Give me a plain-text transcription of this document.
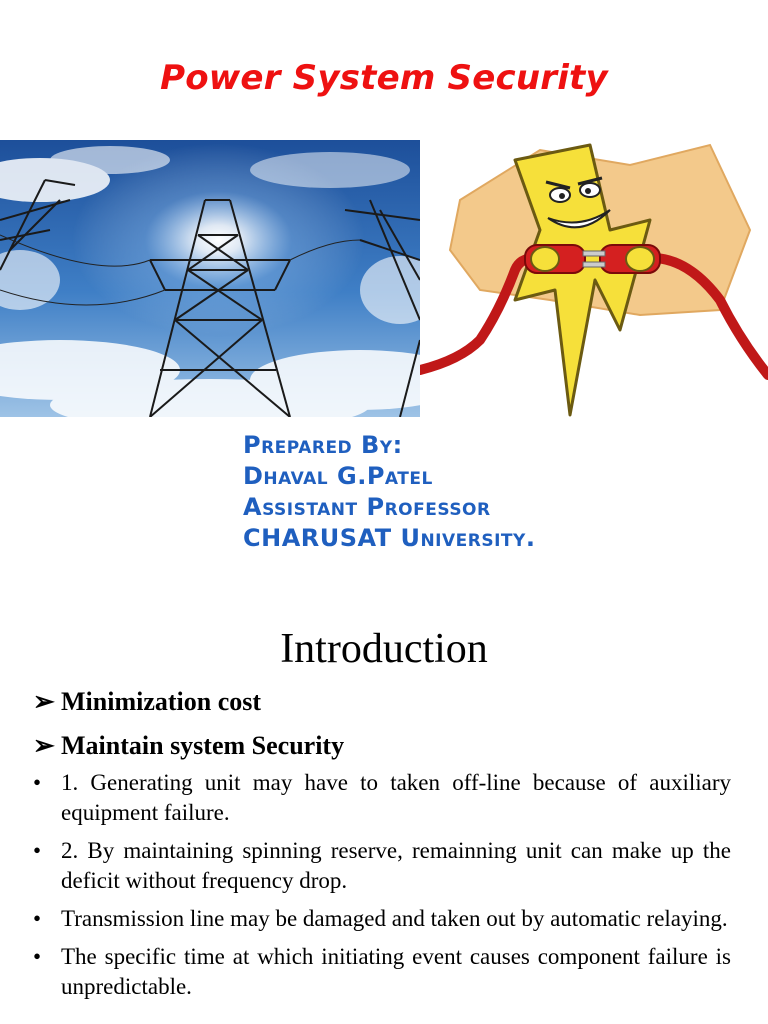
Power System Security
Prepared By:
Dhaval G.Patel
Assistant Professor
CHARUSAT University.
Introduction
➢ Minimization cost
➢ Maintain system Security
• 1. Generating unit may have to taken off-line because of auxiliary equipment failure.
• 2. By maintaining spinning reserve, remainning unit can make up the deficit without frequency drop.
• Transmission line may be damaged and taken out by automatic relaying.
• The specific time at which initiating event causes component failure is unpredictable.
